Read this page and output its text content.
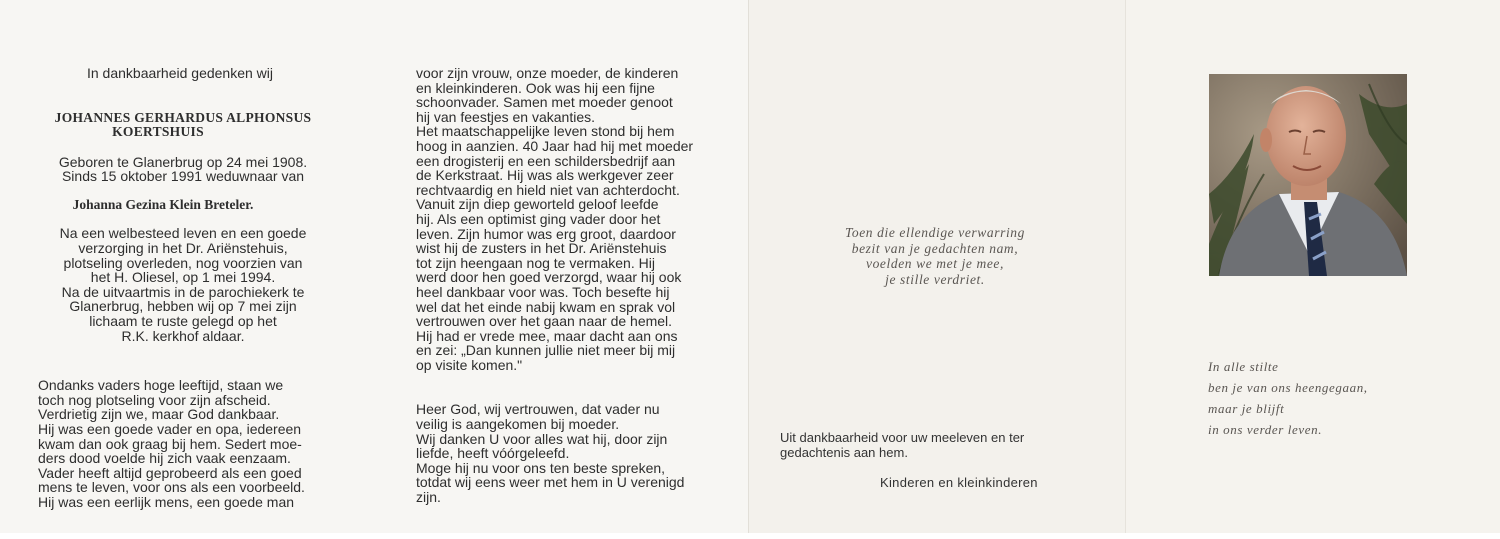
In dankbaarheid gedenken wij

JOHANNES GERHARDUS ALPHONSUS

KOERTSHUIS

Geboren te Glanerbrug op 24 mei 1908.

Sinds 15 oktober 1991 weduwnaar van

Johanna Gezina Klein Breteler.

Na een welbesteed leven en een goede

verzorging in het Dr. Ariënstehuis,

plotseling overleden, nog voorzien van

het H. Oliesel, op 1 mei 1994.

Na de uitvaartmis in de parochiekerk te

Glanerbrug, hebben wij op 7 mei zijn

lichaam te ruste gelegd op het

R.K. kerkhof aldaar.

Ondanks vaders hoge leeftijd, staan we

toch nog plotseling voor zijn afscheid.

Verdrietig zijn we, maar God dankbaar.

Hij was een goede vader en opa, iedereen

kwam dan ook graag bij hem. Sedert moe-

ders dood voelde hij zich vaak eenzaam.

Vader heeft altijd geprobeerd als een goed

mens te leven, voor ons als een voorbeeld.

Hij was een eerlijk mens, een goede man

voor zijn vrouw, onze moeder, de kinderen

en kleinkinderen. Ook was hij een fijne

schoonvader. Samen met moeder genoot

hij van feestjes en vakanties.

Het maatschappelijke leven stond bij hem

hoog in aanzien. 40 Jaar had hij met moeder

een drogisterij en een schildersbedrijf aan

de Kerkstraat. Hij was als werkgever zeer

rechtvaardig en hield niet van achterdocht.

Vanuit zijn diep geworteld geloof leefde

hij. Als een optimist ging vader door het

leven. Zijn humor was erg groot, daardoor

wist hij de zusters in het Dr. Ariënstehuis

tot zijn heengaan nog te vermaken. Hij

werd door hen goed verzorgd, waar hij ook

heel dankbaar voor was. Toch besefte hij

wel dat het einde nabij kwam en sprak vol

vertrouwen over het gaan naar de hemel.

Hij had er vrede mee, maar dacht aan ons

en zei: „Dan kunnen jullie niet meer bij mij

op visite komen."

Heer God, wij vertrouwen, dat vader nu

veilig is aangekomen bij moeder.

Wij danken U voor alles wat hij, door zijn

liefde, heeft vóórgeleefd.

Moge hij nu voor ons ten beste spreken,

totdat wij eens weer met hem in U verenigd

zijn.

Toen die ellendige verwarring

bezit van je gedachten nam,

voelden we met je mee,

je stille verdriet.

Uit dankbaarheid voor uw meeleven en ter

gedachtenis aan hem.

Kinderen en kleinkinderen

In alle stilte

ben je van ons heengegaan,

maar je blijft

in ons verder leven.
